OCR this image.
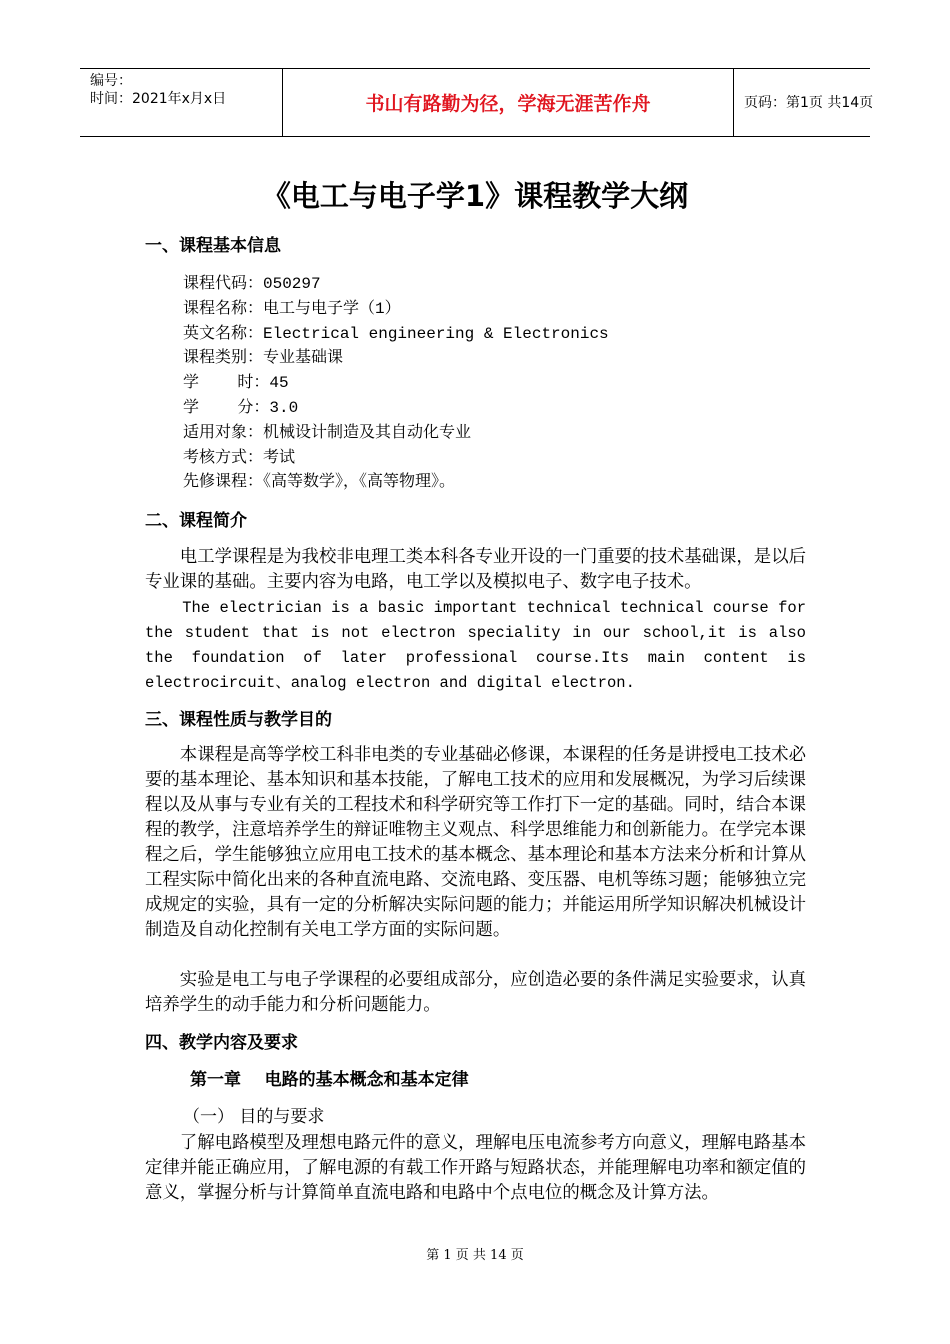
编号：
时间：2021年x月x日	书山有路勤为径，学海无涯苦作舟	页码：第1页 共14页
《电工与电子学1》课程教学大纲
一、课程基本信息
课程代码：050297
课程名称：电工与电子学（1）
英文名称：Electrical engineering & Electronics
课程类别：专业基础课
学    时：45
学    分：3.0
适用对象：机械设计制造及其自动化专业
考核方式：考试
先修课程：《高等数学》，《高等物理》。
二、课程简介
电工学课程是为我校非电理工类本科各专业开设的一门重要的技术基础课，是以后专业课的基础。主要内容为电路，电工学以及模拟电子、数字电子技术。
The electrician is a basic important technical technical course for the student that is not electron speciality in our school,it is also the foundation of later professional course.Its main content is electrocircuit、analog electron and digital electron.
三、课程性质与教学目的
本课程是高等学校工科非电类的专业基础必修课，本课程的任务是讲授电工技术必要的基本理论、基本知识和基本技能，了解电工技术的应用和发展概况，为学习后续课程以及从事与专业有关的工程技术和科学研究等工作打下一定的基础。同时，结合本课程的教学，注意培养学生的辩证唯物主义观点、科学思维能力和创新能力。在学完本课程之后，学生能够独立应用电工技术的基本概念、基本理论和基本方法来分析和计算从工程实际中简化出来的各种直流电路、交流电路、变压器、电机等练习题；能够独立完成规定的实验，具有一定的分析解决实际问题的能力；并能运用所学知识解决机械设计制造及自动化控制有关电工学方面的实际问题。
实验是电工与电子学课程的必要组成部分，应创造必要的条件满足实验要求，认真培养学生的动手能力和分析问题能力。
四、教学内容及要求
第一章    电路的基本概念和基本定律
（一） 目的与要求
了解电路模型及理想电路元件的意义，理解电压电流参考方向意义，理解电路基本定律并能正确应用，了解电源的有载工作开路与短路状态，并能理解电功率和额定值的意义，掌握分析与计算简单直流电路和电路中个点电位的概念及计算方法。
第 1 页 共 14 页
